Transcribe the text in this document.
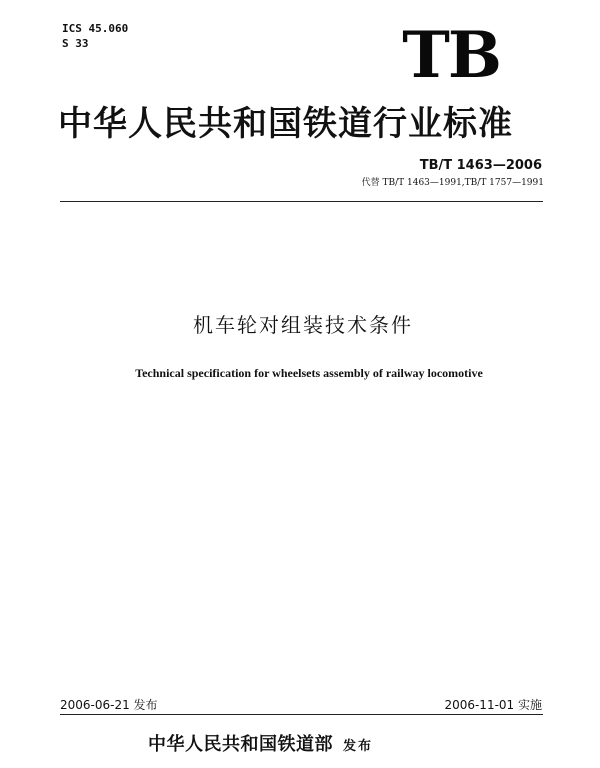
ICS 45.060
S 33	TB
中华人民共和国铁道行业标准
TB/T 1463—2006
代替 TB/T 1463—1991,TB/T 1757—1991
机车轮对组装技术条件
Technical specification for wheelsets assembly of railway locomotive
2006-06-21 发布	2006-11-01 实施
中华人民共和国铁道部 发布
